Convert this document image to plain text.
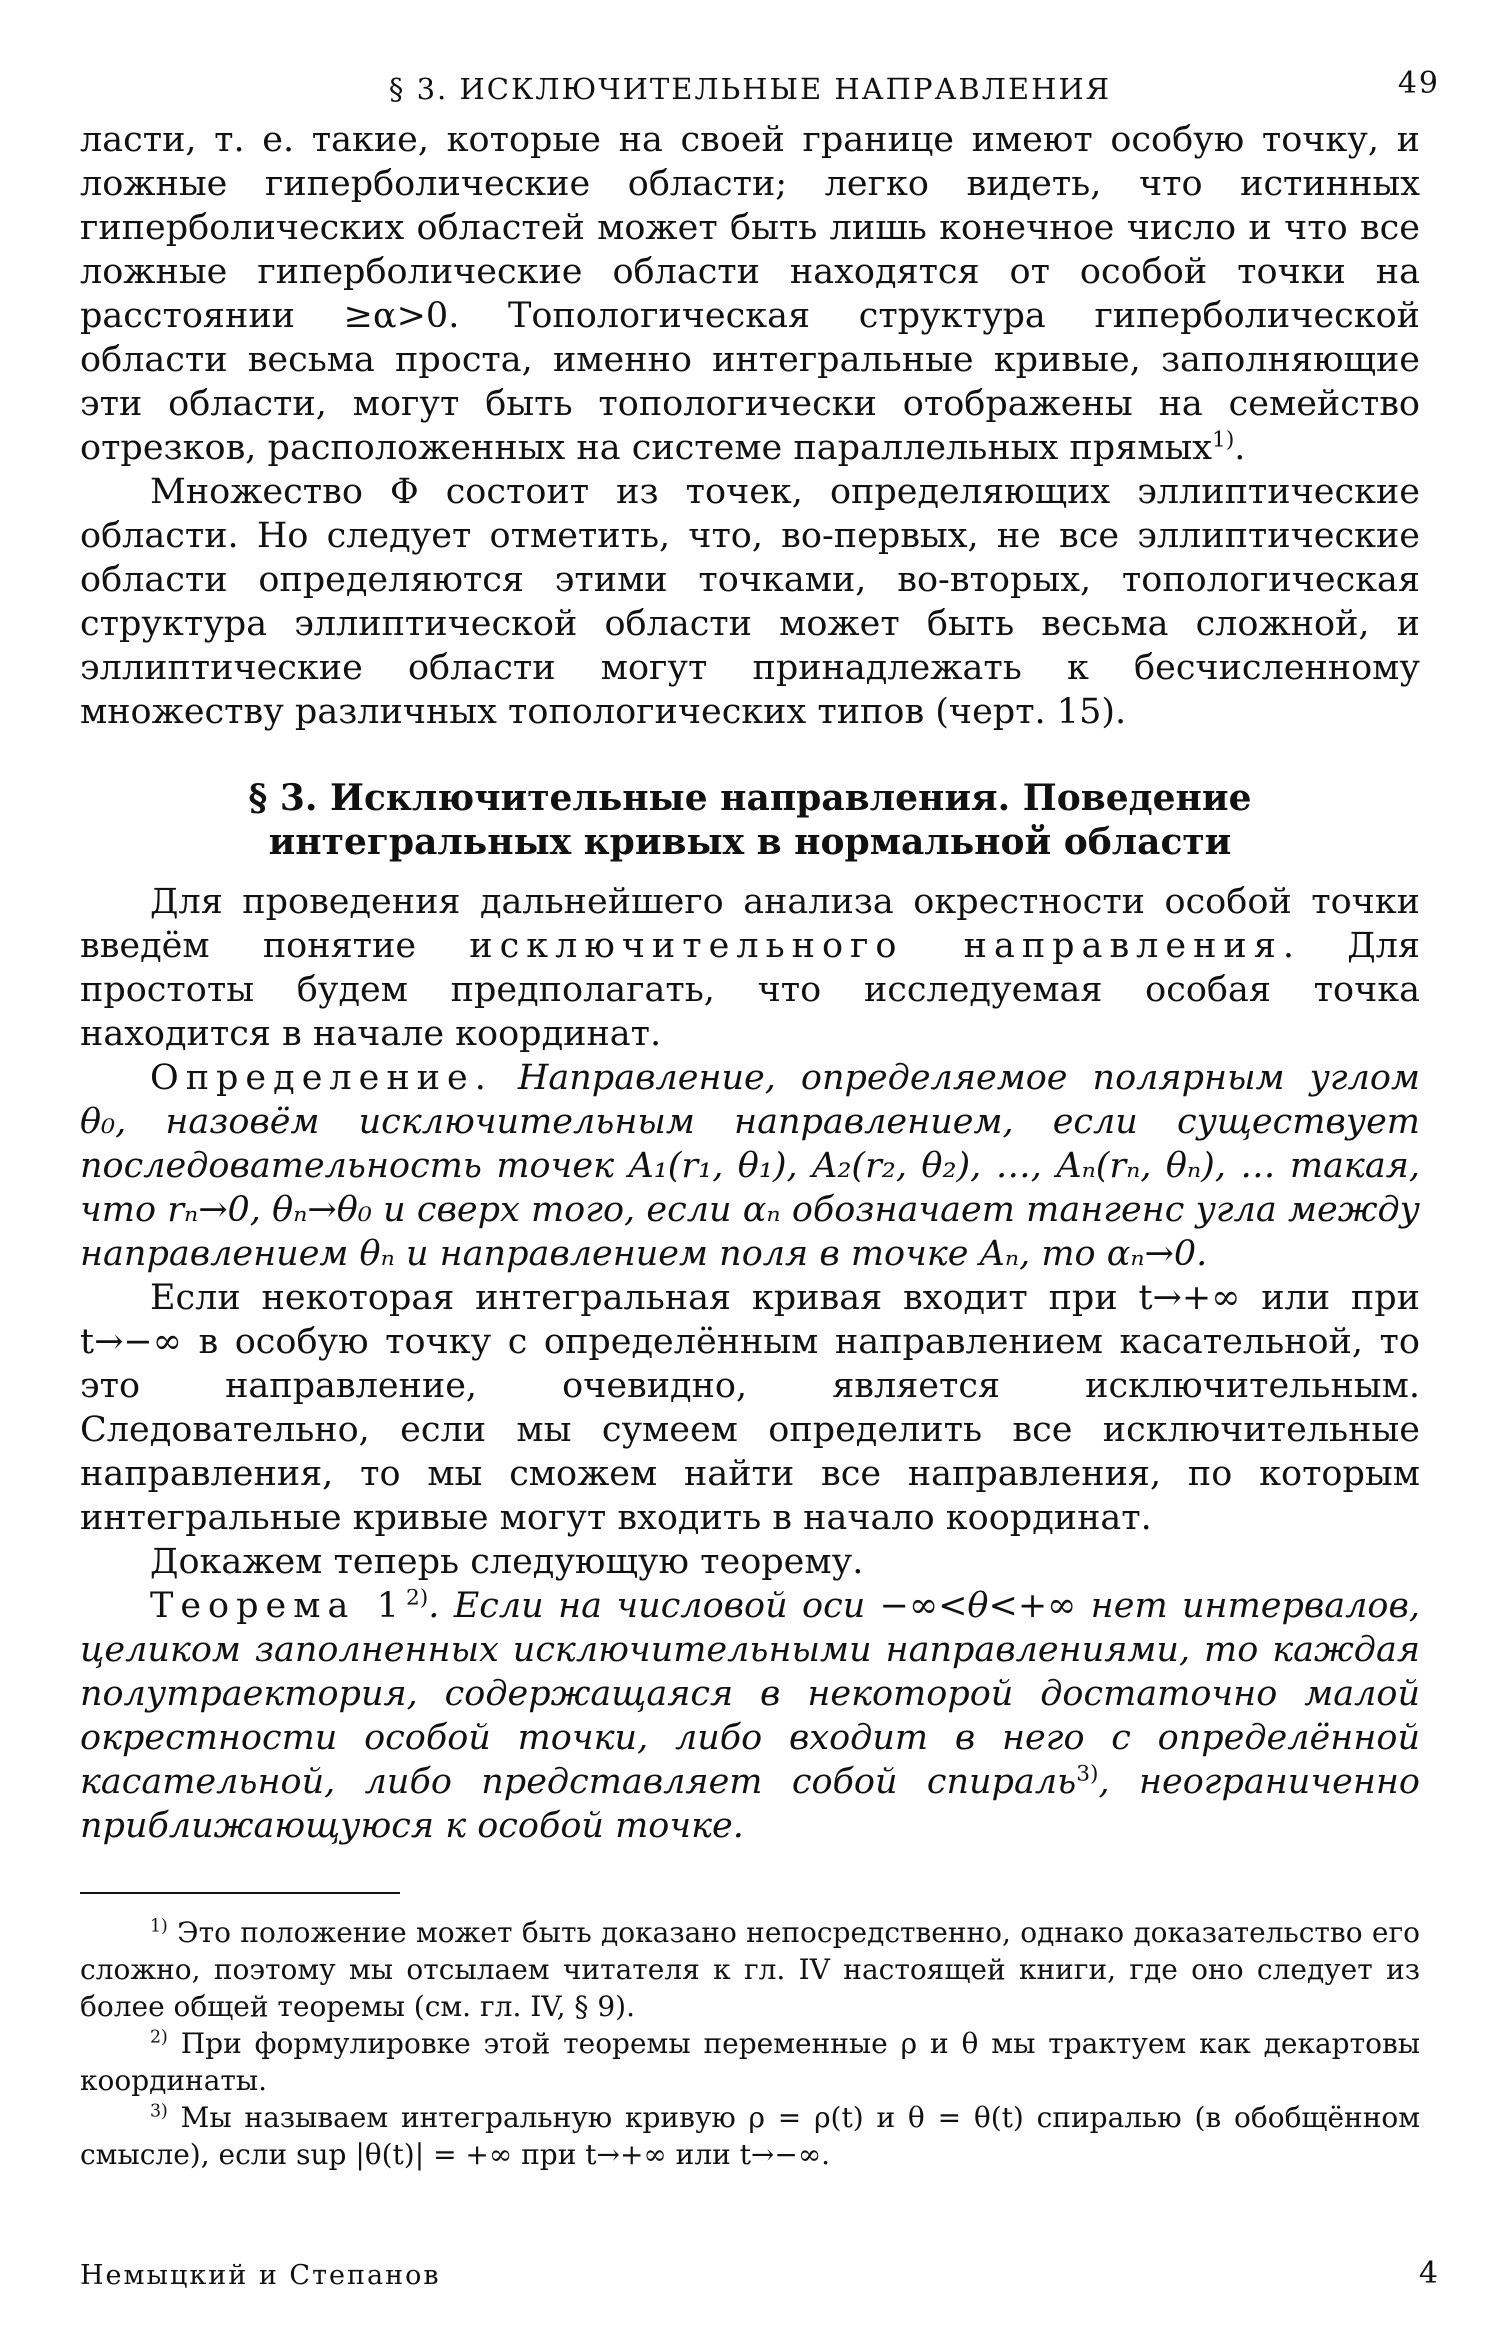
§ 3. ИСКЛЮЧИТЕЛЬНЫЕ НАПРАВЛЕНИЯ	49

ласти, т. е. такие, которые на своей границе имеют особую точку, и ложные гиперболические области; легко видеть, что истинных гиперболических областей может быть лишь конечное число и что все ложные гиперболические области находятся от особой точки на расстоянии ≥α>0. Топологическая структура гиперболической области весьма проста, именно интегральные кривые, заполняющие эти области, могут быть топологически отображены на семейство отрезков, расположенных на системе параллельных прямых$^{1)}$.

Множество Φ состоит из точек, определяющих эллиптические области. Но следует отметить, что, во-первых, не все эллиптические области определяются этими точками, во-вторых, топологическая структура эллиптической области может быть весьма сложной, и эллиптические области могут принадлежать к бесчисленному множеству различных топологических типов (черт. 15).

§ 3. Исключительные направления. Поведение
интегральных кривых в нормальной области

Для проведения дальнейшего анализа окрестности особой точки введём понятие исключительного направления. Для простоты будем предполагать, что исследуемая особая точка находится в начале координат.

Определение. Направление, определяемое полярным углом θ₀, назовём исключительным направлением, если существует последовательность точек A₁(r₁, θ₁), A₂(r₂, θ₂), …, Aₙ(rₙ, θₙ), … такая, что rₙ→0, θₙ→θ₀ и сверх того, если αₙ обозначает тангенс угла между направлением θₙ и направлением поля в точке Aₙ, то αₙ→0.

Если некоторая интегральная кривая входит при t→+∞ или при t→−∞ в особую точку с определённым направлением касательной, то это направление, очевидно, является исключительным. Следовательно, если мы сумеем определить все исключительные направления, то мы сможем найти все направления, по которым интегральные кривые могут входить в начало координат.

Докажем теперь следующую теорему.

Теорема 1$^{2)}$. Если на числовой оси −∞<θ<+∞ нет интервалов, целиком заполненных исключительными направлениями, то каждая полутраектория, содержащаяся в некоторой достаточно малой окрестности особой точки, либо входит в него с определённой касательной, либо представляет собой спираль$^{3)}$, неограниченно приближающуюся к особой точке.

$^{1)}$ Это положение может быть доказано непосредственно, однако доказательство его сложно, поэтому мы отсылаем читателя к гл. IV настоящей книги, где оно следует из более общей теоремы (см. гл. IV, § 9).

$^{2)}$ При формулировке этой теоремы переменные ρ и θ мы трактуем как декартовы координаты.

$^{3)}$ Мы называем интегральную кривую ρ = ρ(t) и θ = θ(t) спиралью (в обобщённом смысле), если sup |θ(t)| = +∞ при t→+∞ или t→−∞.

Немыцкий и Степанов	4
